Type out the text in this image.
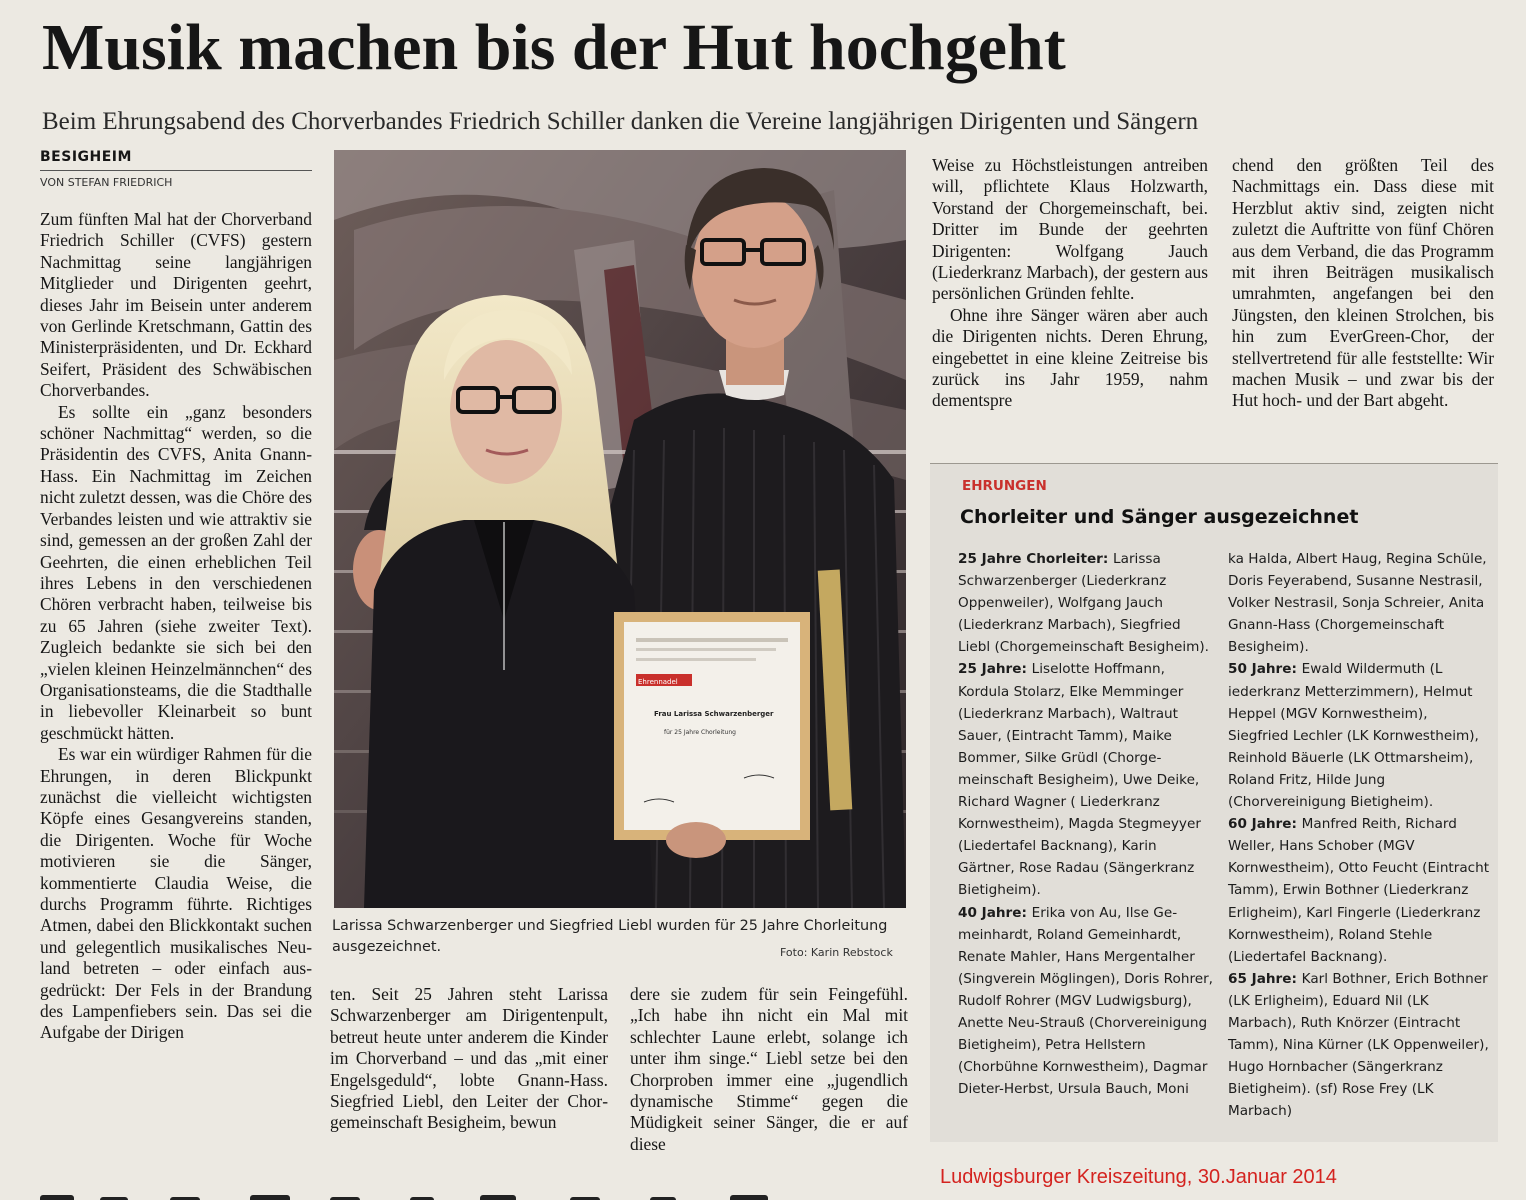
Musik machen bis der Hut hochgeht
Beim Ehrungsabend des Chorverbandes Friedrich Schiller danken die Vereine langjährigen Dirigenten und Sängern
BESIGHEIM
VON STEFAN FRIEDRICH

Zum fünften Mal hat der Chorverband Friedrich Schiller (CVFS) gestern Nachmittag seine langjährigen Mitglieder und Dirigenten geehrt, dieses Jahr im Beisein unter anderem von Gerlinde Kretschmann, Gattin des Ministerpräsidenten, und Dr. Eckhard Seifert, Präsident des Schwäbischen Chorverbandes.

Es sollte ein „ganz besonders schöner Nachmittag“ werden, so die Präsidentin des CVFS, Anita Gnann-Hass. Ein Nachmittag im Zeichen nicht zuletzt dessen, was die Chöre des Verbandes leisten und wie attraktiv sie sind, gemessen an der großen Zahl der Geehrten, die einen erheblichen Teil ihres Lebens in den verschiedenen Chören verbracht haben, teilweise bis zu 65 Jahren (siehe zweiter Text). Zugleich bedankte sie sich bei den „vielen kleinen Heinzelmännchen“ des Organisationsteams, die die Stadthalle in liebevoller Kleinarbeit so bunt geschmückt hätten.

Es war ein würdiger Rahmen für die Ehrungen, in deren Blickpunkt zunächst die vielleicht wichtigsten Köpfe eines Gesangvereins standen, die Dirigenten. Woche für Woche motivieren sie die Sänger, kommentierte Claudia Weise, die durchs Programm führte. Richtiges Atmen, dabei den Blickkontakt suchen und gelegentlich musikalisches Neuland betreten – oder einfach ausgedrückt: Der Fels in der Brandung des Lampenfiebers sein. Das sei die Aufgabe der Dirigen

Ehrennadel
Frau Larissa Schwarzenberger
für 25 Jahre Chorleitung
Larissa Schwarzenberger und Siegfried Liebl wurden für 25 Jahre Chorleitung ausgezeichnet.	Foto: Karin Rebstock

Weise zu Höchstleistungen antreiben will, pflichtete Klaus Holzwarth, Vorstand der Chorgemeinschaft, bei. Dritter im Bunde der geehrten Dirigenten: Wolfgang Jauch (Liederkranz Marbach), der gestern aus persönlichen Gründen fehlte.

Ohne ihre Sänger wären aber auch die Dirigenten nichts. Deren Ehrung, eingebettet in eine kleine Zeitreise bis zurück ins Jahr 1959, nahm dementspre

chend den größten Teil des Nachmittags ein. Dass diese mit Herzblut aktiv sind, zeigten nicht zuletzt die Auftritte von fünf Chören aus dem Verband, die das Programm mit ihren Beiträgen musikalisch umrahmten, angefangen bei den Jüngsten, den kleinen Strolchen, bis hin zum EverGreen-Chor, der stellvertretend für alle feststellte: Wir machen Musik – und zwar bis der Hut hoch- und der Bart abgeht.

ten. Seit 25 Jahren steht Larissa Schwarzenberger am Dirigentenpult, betreut heute unter anderem die Kinder im Chorverband – und das „mit einer Engelsgeduld“, lobte Gnann-Hass. Siegfried Liebl, den Leiter der Chorgemeinschaft Besigheim, bewun

dere sie zudem für sein Feingefühl. „Ich habe ihn nicht ein Mal mit schlechter Laune erlebt, solange ich unter ihm singe.“ Liebl setze bei den Chorproben immer eine „jugendlich dynamische Stimme“ gegen die Müdigkeit seiner Sänger, die er auf diese

EHRUNGEN
Chorleiter und Sänger ausgezeichnet

25 Jahre Chorleiter: Larissa Schwarzenberger (Liederkranz Oppenweiler), Wolfgang Jauch (Liederkranz Marbach), Siegfried Liebl (Chorgemeinschaft Besigheim).

25 Jahre: Liselotte Hoffmann, Kordula Stolarz, Elke Memminger (Liederkranz Marbach), Waltraut Sauer, (Eintracht Tamm), Maike Bommer, Silke Grüdl (Chorgemeinschaft Besigheim), Uwe Deike, Richard Wagner ( Liederkranz Kornwestheim), Magda Stegmeyyer (Liedertafel Backnang), Karin Gärtner, Rose Radau (Sängerkranz Bietigheim).

40 Jahre: Erika von Au, Ilse Gemeinhardt, Roland Gemeinhardt, Renate Mahler, Hans Mergentalher (Singverein Möglingen), Doris Rohrer, Rudolf Rohrer (MGV Ludwigsburg), Anette Neu-Strauß (Chorvereinigung Bietigheim), Petra Hellstern (Chorbühne Kornwestheim), Dagmar Dieter-Herbst, Ursula Bauch, Moni

ka Halda, Albert Haug, Regina Schüle, Doris Feyerabend, Susanne Nestrasil, Volker Nestrasil, Sonja Schreier, Anita Gnann-Hass (Chorgemeinschaft Besigheim).

50 Jahre: Ewald Wildermuth (L iederkranz Metterzimmern), Helmut Heppel (MGV Kornwestheim), Siegfried Lechler (LK Kornwestheim), Reinhold Bäuerle (LK Ottmarsheim), Roland Fritz, Hilde Jung (Chorvereinigung Bietigheim).

60 Jahre: Manfred Reith, Richard Weller, Hans Schober (MGV Kornwestheim), Otto Feucht (Eintracht Tamm), Erwin Bothner (Liederkranz Erligheim), Karl Fingerle (Liederkranz Kornwestheim), Roland Stehle (Liedertafel Backnang).

65 Jahre: Karl Bothner, Erich Bothner (LK Erligheim), Eduard Nil (LK Marbach), Ruth Knörzer (Eintracht Tamm), Nina Kürner (LK Oppenweiler), Hugo Hornbacher (Sängerkranz Bietigheim). (sf) Rose Frey (LK Marbach)

Ludwigsburger Kreiszeitung, 30.Januar 2014
